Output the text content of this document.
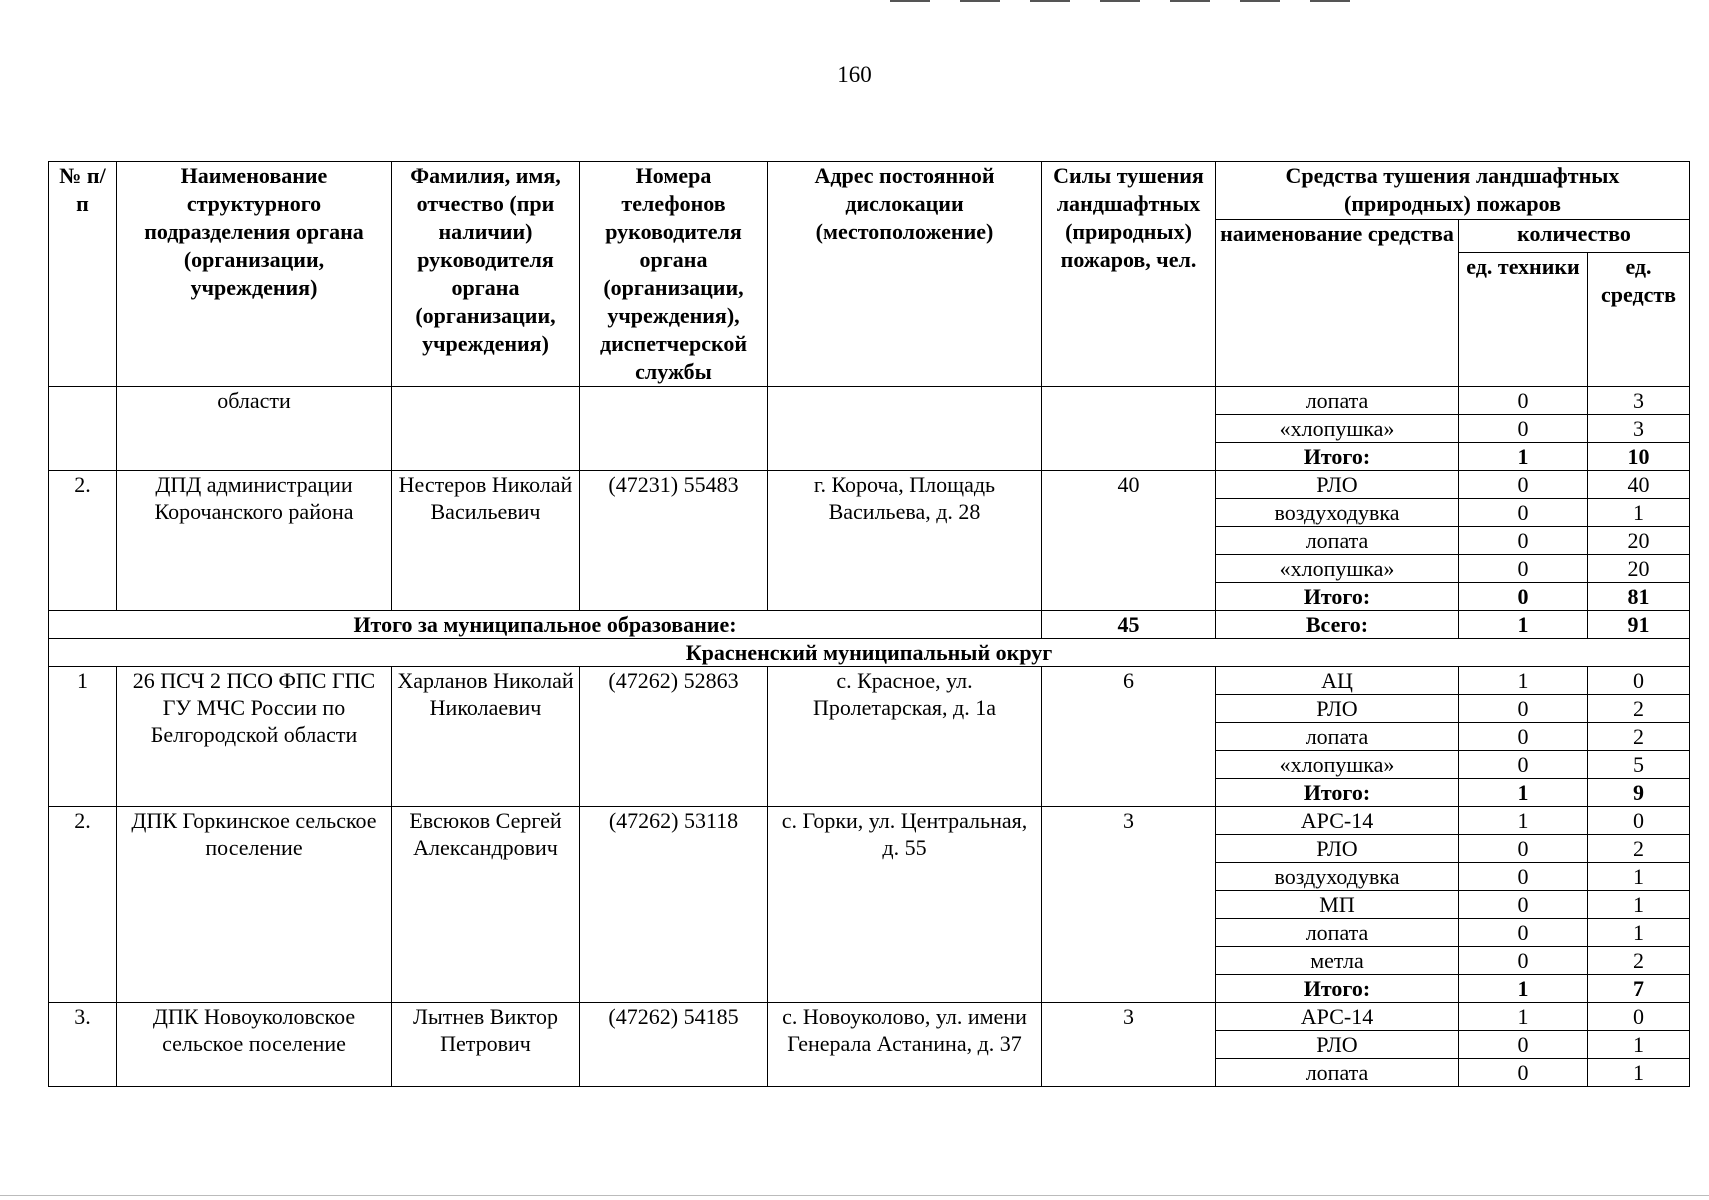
160
№ п/п	Наименование структурного подразделения органа (организации, учреждения)	Фамилия, имя, отчество (при наличии) руководителя органа (организации, учреждения)	Номера телефонов руководителя органа (организации, учреждения), диспетчерской службы	Адрес постоянной дислокации (местоположение)	Силы тушения ландшафтных (природных) пожаров, чел.	Средства тушения ландшафтных (природных) пожаров		
						наименование средства	количество	
							ед. техники	ед. средств
	области					лопата	0	3
						«хлопушка»	0	3
						Итого:	1	10
2.	ДПД администрации Корочанского района	Нестеров Николай Васильевич	(47231) 55483	г. Короча, Площадь Васильева, д. 28	40	РЛО	0	40
						воздуходувка	0	1
						лопата	0	20
						«хлопушка»	0	20
						Итого:	0	81
Итого за муниципальное образование:					45	Всего:	1	91
Красненский муниципальный округ								
1	26 ПСЧ 2 ПСО ФПС ГПС ГУ МЧС России по Белгородской области	Харланов Николай Николаевич	(47262) 52863	с. Красное, ул. Пролетарская, д. 1а	6	АЦ	1	0
						РЛО	0	2
						лопата	0	2
						«хлопушка»	0	5
						Итого:	1	9
2.	ДПК Горкинское сельское поселение	Евсюков Сергей Александрович	(47262) 53118	с. Горки, ул. Центральная, д. 55	3	АРС-14	1	0
						РЛО	0	2
						воздуходувка	0	1
						МП	0	1
						лопата	0	1
						метла	0	2
						Итого:	1	7
3.	ДПК Новоуколовское сельское поселение	Лытнев Виктор Петрович	(47262) 54185	с. Новоуколовo, ул. имени Генерала Астанина, д. 37	3	АРС-14	1	0
						РЛО	0	1
						лопата	0	1
